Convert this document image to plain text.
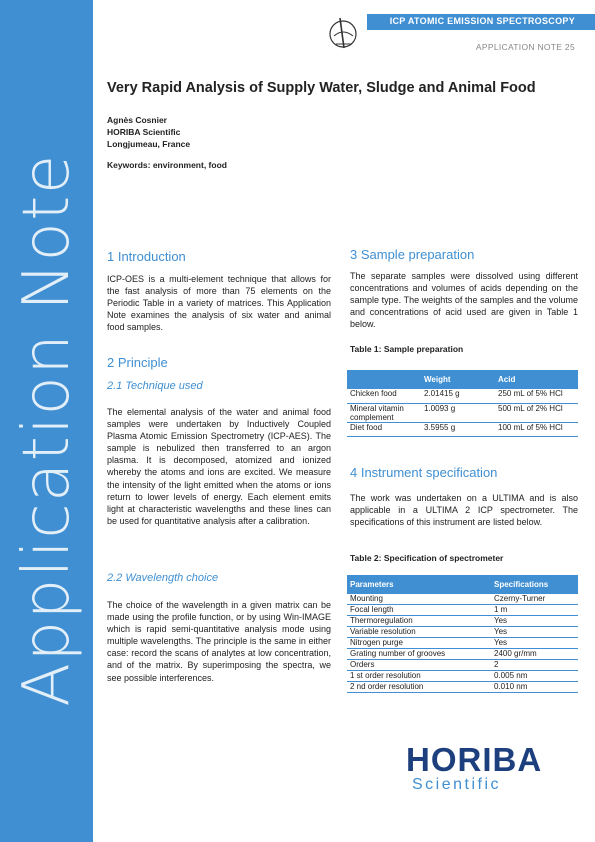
Application Note
ICP ATOMIC EMISSION SPECTROSCOPY
APPLICATION NOTE 25
Very Rapid Analysis of Supply Water, Sludge and Animal Food
Agnès Cosnier
HORIBA Scientific
Longjumeau, France
Keywords: environment, food
1 Introduction

ICP-OES is a multi-element technique that allows for the fast analysis of more than 75 elements on the Periodic Table in a variety of matrices. This Application Note examines the analysis of six water and animal food samples.

2 Principle
2.1 Technique used

The elemental analysis of the water and animal food samples were undertaken by Inductively Coupled Plasma Atomic Emission Spectrometry (ICP-AES). The sample is nebulized then transferred to an argon plasma. It is decomposed, atomized and ionized whereby the atoms and ions are excited. We measure the intensity of the light emitted when the atoms or ions return to lower levels of energy. Each element emits light at characteristic wavelengths and these lines can be used for quantitative analysis after a calibration.

2.2 Wavelength choice

The choice of the wavelength in a given matrix can be made using the profile function, or by using Win-IMAGE which is rapid semi-quantitative analysis mode using multiple wavelengths. The principle is the same in either case: record the scans of analytes at low concentration, and of the matrix. By superimposing the spectra, we see possible interferences.

3 Sample preparation

The separate samples were dissolved using different concentrations and volumes of acids depending on the sample type. The weights of the samples and the volume and concentrations of acid used are given in Table 1 below.

Table 1: Sample preparation
	Weight	Acid
Chicken food	2.01415 g	250 mL of 5% HCl
Mineral vitamin complement	1.0093 g	500 mL of 2% HCl
Diet food	3.5955 g	100 mL of 5% HCl
4 Instrument specification

The work was undertaken on a ULTIMA and is also applicable in a ULTIMA 2 ICP spectrometer. The specifications of this instrument are listed below.

Table 2: Specification of spectrometer
Parameters	Specifications
Mounting	Czerny-Turner
Focal length	1 m
Thermoregulation	Yes
Variable resolution	Yes
Nitrogen purge	Yes
Grating number of grooves	2400 gr/mm
Orders	2
1 st order resolution	0.005 nm
2 nd order resolution	0.010 nm
HORIBA
Scientific
